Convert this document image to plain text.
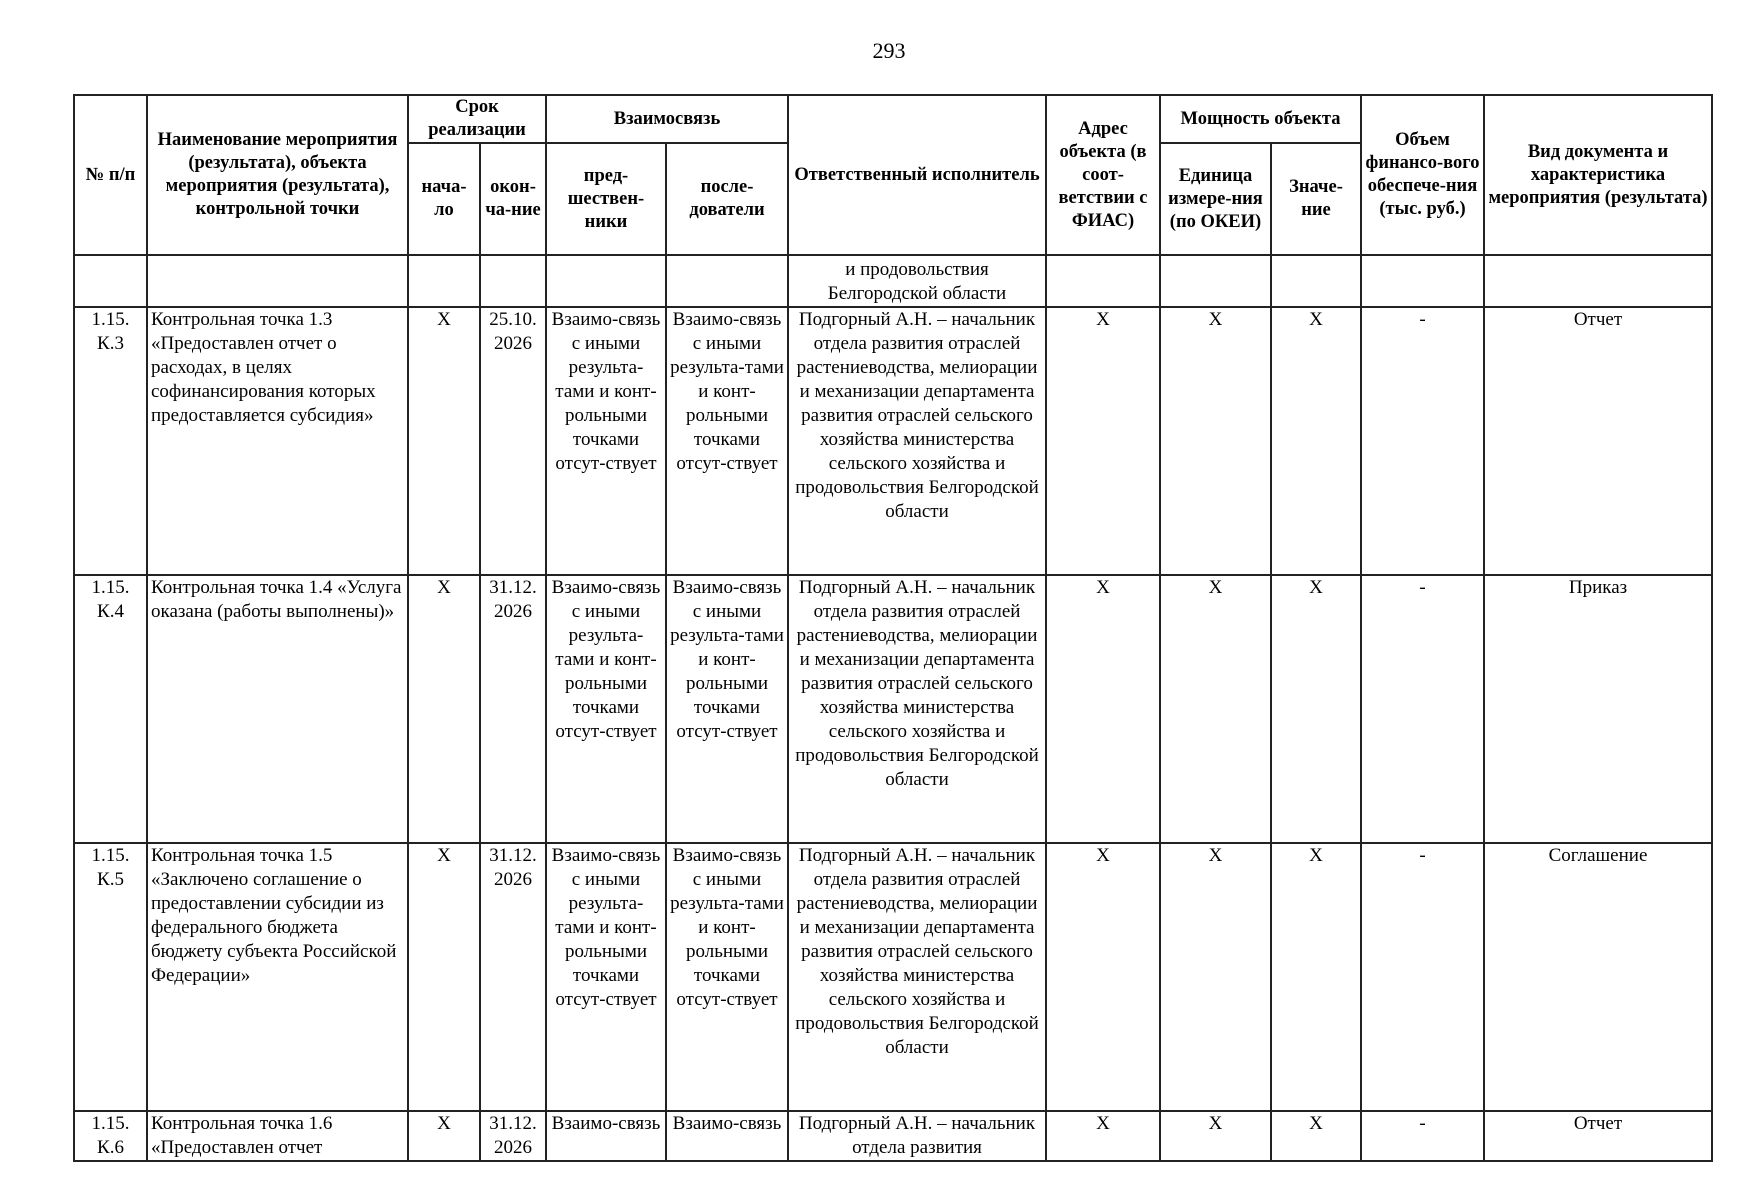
293
№ п/п	Наименование мероприятия (результата), объекта мероприятия (результата), контрольной точки	Срок реализации		Взаимосвязь		Ответственный исполнитель	Адрес объекта (в соот-ветствии с ФИАС)	Мощность объекта		Объем финансо-вого обеспече-ния (тыс. руб.)	Вид документа и характеристика мероприятия (результата)
		нача-ло	окон-ча-ние	пред-шествен-ники	после-дователи			Единица измере-ния (по ОКЕИ)	Значе-ние		
						и продовольствия Белгородской области					
1.15. К.3	Контрольная точка 1.3 «Предоставлен отчет о расходах, в целях софинансирования которых предоставляется субсидия»	Х	25.10. 2026	Взаимо-связь с иными результа-тами и конт-рольными точками отсут-ствует	Взаимо-связь с иными результа-тами и конт-рольными точками отсут-ствует	Подгорный А.Н. – начальник отдела развития отраслей растениеводства, мелиорации и механизации департамента развития отраслей сельского хозяйства министерства сельского хозяйства и продовольствия Белгородской области	Х	Х	Х	-	Отчет
1.15. К.4	Контрольная точка 1.4 «Услуга оказана (работы выполнены)»	Х	31.12. 2026	Взаимо-связь с иными результа-тами и конт-рольными точками отсут-ствует	Взаимо-связь с иными результа-тами и конт-рольными точками отсут-ствует	Подгорный А.Н. – начальник отдела развития отраслей растениеводства, мелиорации и механизации департамента развития отраслей сельского хозяйства министерства сельского хозяйства и продовольствия Белгородской области	Х	Х	Х	-	Приказ
1.15. К.5	Контрольная точка 1.5 «Заключено соглашение о предоставлении субсидии из федерального бюджета бюджету субъекта Российской Федерации»	Х	31.12. 2026	Взаимо-связь с иными результа-тами и конт-рольными точками отсут-ствует	Взаимо-связь с иными результа-тами и конт-рольными точками отсут-ствует	Подгорный А.Н. – начальник отдела развития отраслей растениеводства, мелиорации и механизации департамента развития отраслей сельского хозяйства министерства сельского хозяйства и продовольствия Белгородской области	Х	Х	Х	-	Соглашение
1.15. К.6	Контрольная точка 1.6 «Предоставлен отчет	Х	31.12. 2026	Взаимо-связь	Взаимо-связь	Подгорный А.Н. – начальник отдела развития	Х	Х	Х	-	Отчет
